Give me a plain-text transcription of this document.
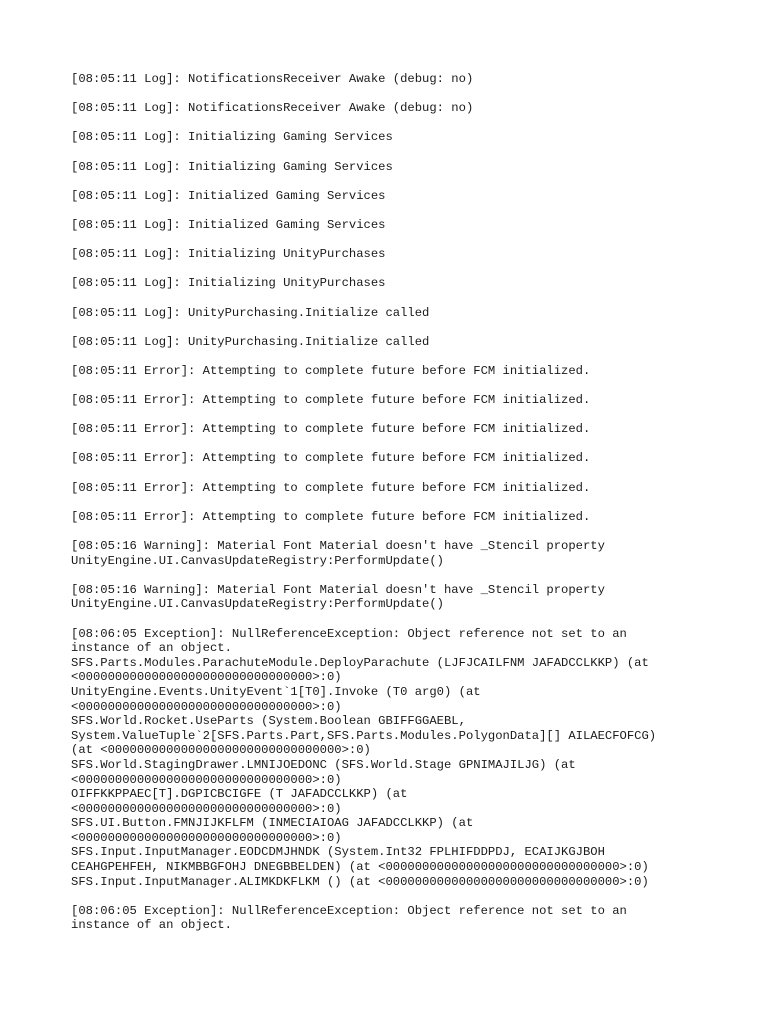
[08:05:11 Log]: NotificationsReceiver Awake (debug: no)
[08:05:11 Log]: NotificationsReceiver Awake (debug: no)
[08:05:11 Log]: Initializing Gaming Services
[08:05:11 Log]: Initializing Gaming Services
[08:05:11 Log]: Initialized Gaming Services
[08:05:11 Log]: Initialized Gaming Services
[08:05:11 Log]: Initializing UnityPurchases
[08:05:11 Log]: Initializing UnityPurchases
[08:05:11 Log]: UnityPurchasing.Initialize called
[08:05:11 Log]: UnityPurchasing.Initialize called
[08:05:11 Error]: Attempting to complete future before FCM initialized.
[08:05:11 Error]: Attempting to complete future before FCM initialized.
[08:05:11 Error]: Attempting to complete future before FCM initialized.
[08:05:11 Error]: Attempting to complete future before FCM initialized.
[08:05:11 Error]: Attempting to complete future before FCM initialized.
[08:05:11 Error]: Attempting to complete future before FCM initialized.
[08:05:16 Warning]: Material Font Material doesn't have _Stencil property
UnityEngine.UI.CanvasUpdateRegistry:PerformUpdate()
[08:05:16 Warning]: Material Font Material doesn't have _Stencil property
UnityEngine.UI.CanvasUpdateRegistry:PerformUpdate()
[08:06:05 Exception]: NullReferenceException: Object reference not set to an
instance of an object.
SFS.Parts.Modules.ParachuteModule.DeployParachute (LJFJCAILFNM JAFADCCLKKP) (at
<00000000000000000000000000000000>:0)
UnityEngine.Events.UnityEvent`1[T0].Invoke (T0 arg0) (at
<00000000000000000000000000000000>:0)
SFS.World.Rocket.UseParts (System.Boolean GBIFFGGAEBL,
System.ValueTuple`2[SFS.Parts.Part,SFS.Parts.Modules.PolygonData][] AILAECFOFCG)
(at <00000000000000000000000000000000>:0)
SFS.World.StagingDrawer.LMNIJOEDONC (SFS.World.Stage GPNIMAJILJG) (at
<00000000000000000000000000000000>:0)
OIFFKKPPAEC[T].DGPICBCIGFE (T JAFADCCLKKP) (at
<00000000000000000000000000000000>:0)
SFS.UI.Button.FMNJIJKFLFM (INMECIAIOAG JAFADCCLKKP) (at
<00000000000000000000000000000000>:0)
SFS.Input.InputManager.EODCDMJHNDK (System.Int32 FPLHIFDDPDJ, ECAIJKGJBOH
CEAHGPEHFEH, NIKMBBGFOHJ DNEGBBELDEN) (at <00000000000000000000000000000000>:0)
SFS.Input.InputManager.ALIMKDKFLKM () (at <00000000000000000000000000000000>:0)
[08:06:05 Exception]: NullReferenceException: Object reference not set to an
instance of an object.
